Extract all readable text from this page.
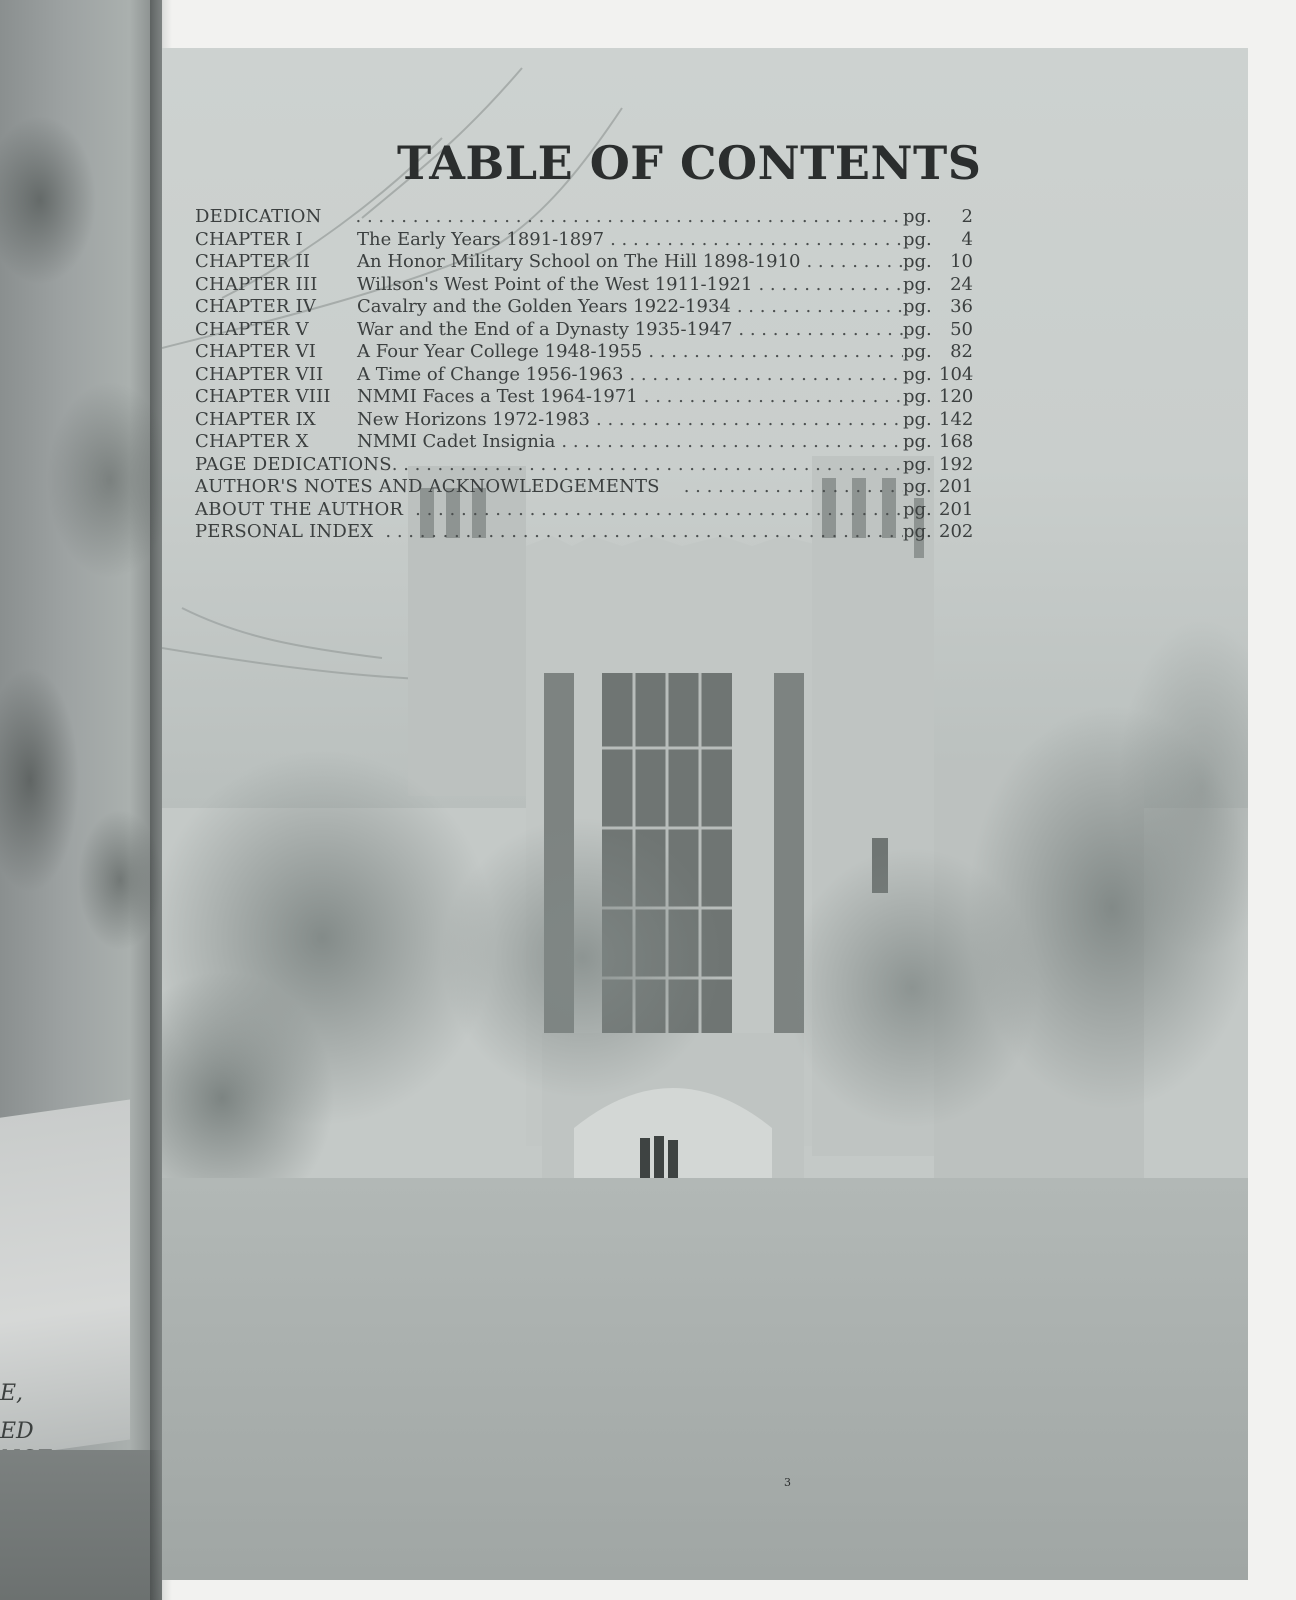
E,
ED
TABLE OF CONTENTS
DEDICATION . . .	pg.	2
CHAPTER I	The Early Years 1891-1897 . . .	pg.	4
CHAPTER II	An Honor Military School on The Hill 1898-1910 . . .	pg.	10
CHAPTER III	Willson's West Point of the West 1911-1921 . . .	pg.	24
CHAPTER IV	Cavalry and the Golden Years 1922-1934 . . .	pg.	36
CHAPTER V	War and the End of a Dynasty 1935-1947 . . .	pg.	50
CHAPTER VI	A Four Year College 1948-1955 . . .	pg.	82
CHAPTER VII	A Time of Change 1956-1963 . . .	pg. 104
CHAPTER VIII	NMMI Faces a Test 1964-1971 . . .	pg. 120
CHAPTER IX	New Horizons 1972-1983 . . .	pg. 142
CHAPTER X	NMMI Cadet Insignia . . .	pg. 168
PAGE DEDICATIONS . . .	pg. 192
AUTHOR'S NOTES AND ACKNOWLEDGEMENTS . . .	pg. 201
ABOUT THE AUTHOR . . .	pg. 201
PERSONAL INDEX . . .	pg. 202
3
